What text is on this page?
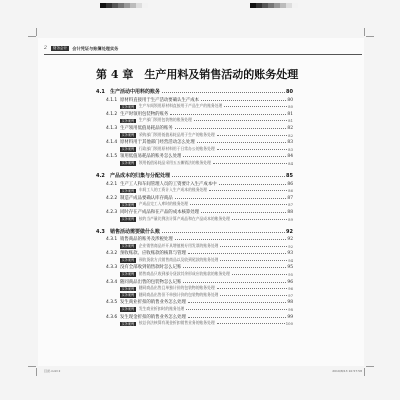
2	财务会计	会计凭证与账簿处理实务
第 4 章　生产用料及销售活动的账务处理
4.1	生产活动中用料的账务	80
4.1.1 原材料直接用于生产活动要确认生产成本	80
实务案例	生产车间领用原材料直接用于产品生产的账务处理	80
4.1.2 生产时领用包装物的账务	81
实务案例	生产部门领用包装物的账务处理	81
4.1.3 生产领用低值易耗品的账务	82
实务案例	采购部门领用低值易耗品用于生产的账务处理	82
4.1.4 原材料用于其他部门经营活动怎么处理	83
实务案例	行政部门领用原材料用于日常办公的账务处理	83
4.1.5 领用低值易耗品的账务怎么处理	84
实务案例	领用低值易耗品采用五五摊销法的账务处理	84
4.2	产品成本的归集与分配处理	85
4.2.1 生产工人和车间管理人员的工资要计入生产成本中	86
实务案例	车间工人的工资计入生产成本的账务处理	86
4.2.2 制造产成品要确认库存商品	87
实务案例	产成品完工入库时的账务处理	87
4.2.3 同时存在产成品和在产品的成本核算处理	88
实务案例	按约当产量比例法计算产成品和在产品成本的账务处理	89
4.3	销售活动需要做什么账	92
4.3.1 销售商品的账务及涉税处理	92
实务案例	企业销售商品并开具增值税专用发票的账务处理	92
4.3.2 预收账款、应收账款的核算与管理	93
实务案例	预收货款方式销售商品以及收到尾款的账务处理	94
4.3.3 没有全部收到销售款时怎么记账	95
实务案例	销售商品只收到部分货款其余形成应收账款的账务处理	95
4.3.4 随同商品出售的包装物怎么记账	96
实务案例	随同商品出售且单独计价的包装物的账务处理	96
实务案例	随同商品出售但不单独计价的包装物的账务处理	97
4.3.5 发生商业折扣的销售业务怎么处理	98
实务案例	发生商业折扣时的账务处理	98
4.3.6 发生现金折扣的销售业务怎么处理	99
实务案例	按总价法核算有现金折扣销售业务的账务处理	100
目录.indd 2	2019/8/13 10:57:58
